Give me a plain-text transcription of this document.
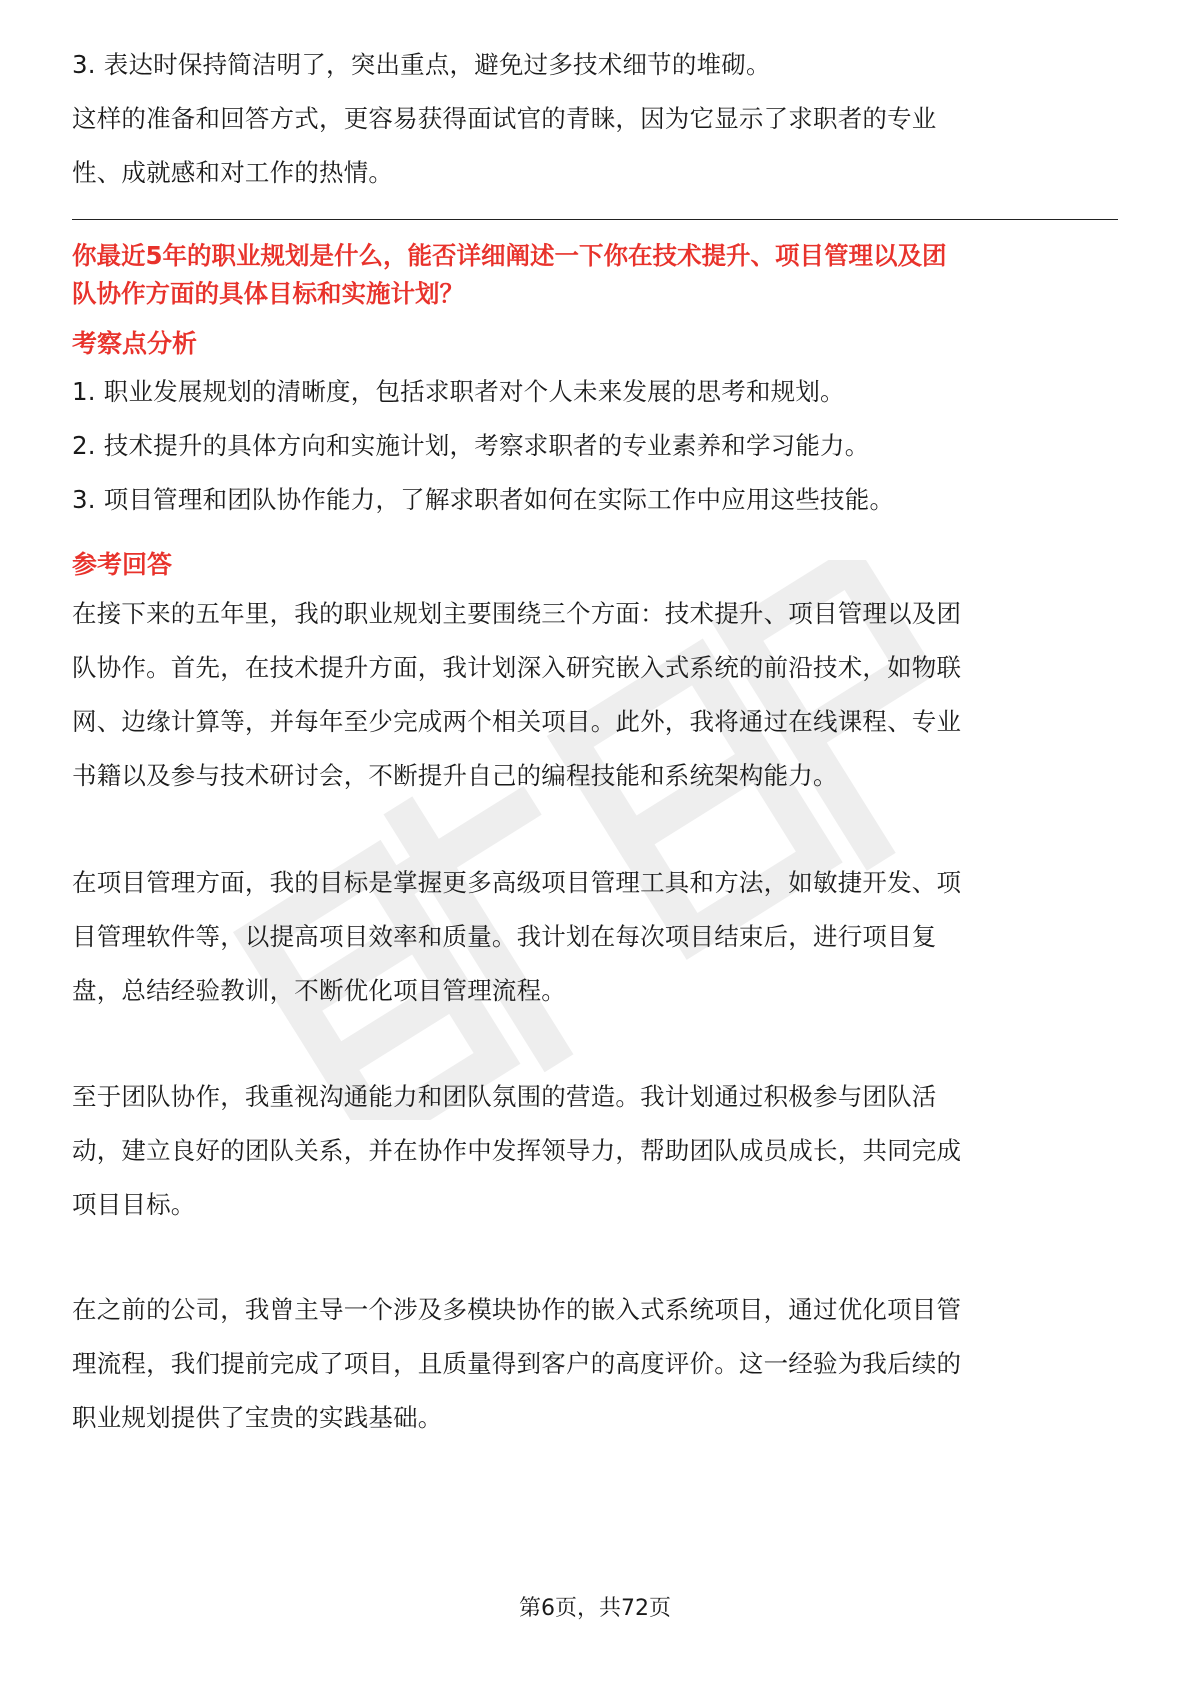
3. 表达时保持简洁明了，突出重点，避免过多技术细节的堆砌。

这样的准备和回答方式，更容易获得面试官的青睐，因为它显示了求职者的专业

性、成就感和对工作的热情。

你最近5年的职业规划是什么，能否详细阐述一下你在技术提升、项目管理以及团

队协作方面的具体目标和实施计划？

考察点分析

1. 职业发展规划的清晰度，包括求职者对个人未来发展的思考和规划。

2. 技术提升的具体方向和实施计划，考察求职者的专业素养和学习能力。

3. 项目管理和团队协作能力，了解求职者如何在实际工作中应用这些技能。

参考回答

在接下来的五年里，我的职业规划主要围绕三个方面：技术提升、项目管理以及团

队协作。首先，在技术提升方面，我计划深入研究嵌入式系统的前沿技术，如物联

网、边缘计算等，并每年至少完成两个相关项目。此外，我将通过在线课程、专业

书籍以及参与技术研讨会，不断提升自己的编程技能和系统架构能力。

在项目管理方面，我的目标是掌握更多高级项目管理工具和方法，如敏捷开发、项

目管理软件等，以提高项目效率和质量。我计划在每次项目结束后，进行项目复

盘，总结经验教训，不断优化项目管理流程。

至于团队协作，我重视沟通能力和团队氛围的营造。我计划通过积极参与团队活

动，建立良好的团队关系，并在协作中发挥领导力，帮助团队成员成长，共同完成

项目目标。

在之前的公司，我曾主导一个涉及多模块协作的嵌入式系统项目，通过优化项目管

理流程，我们提前完成了项目，且质量得到客户的高度评价。这一经验为我后续的

职业规划提供了宝贵的实践基础。

第6页，共72页
